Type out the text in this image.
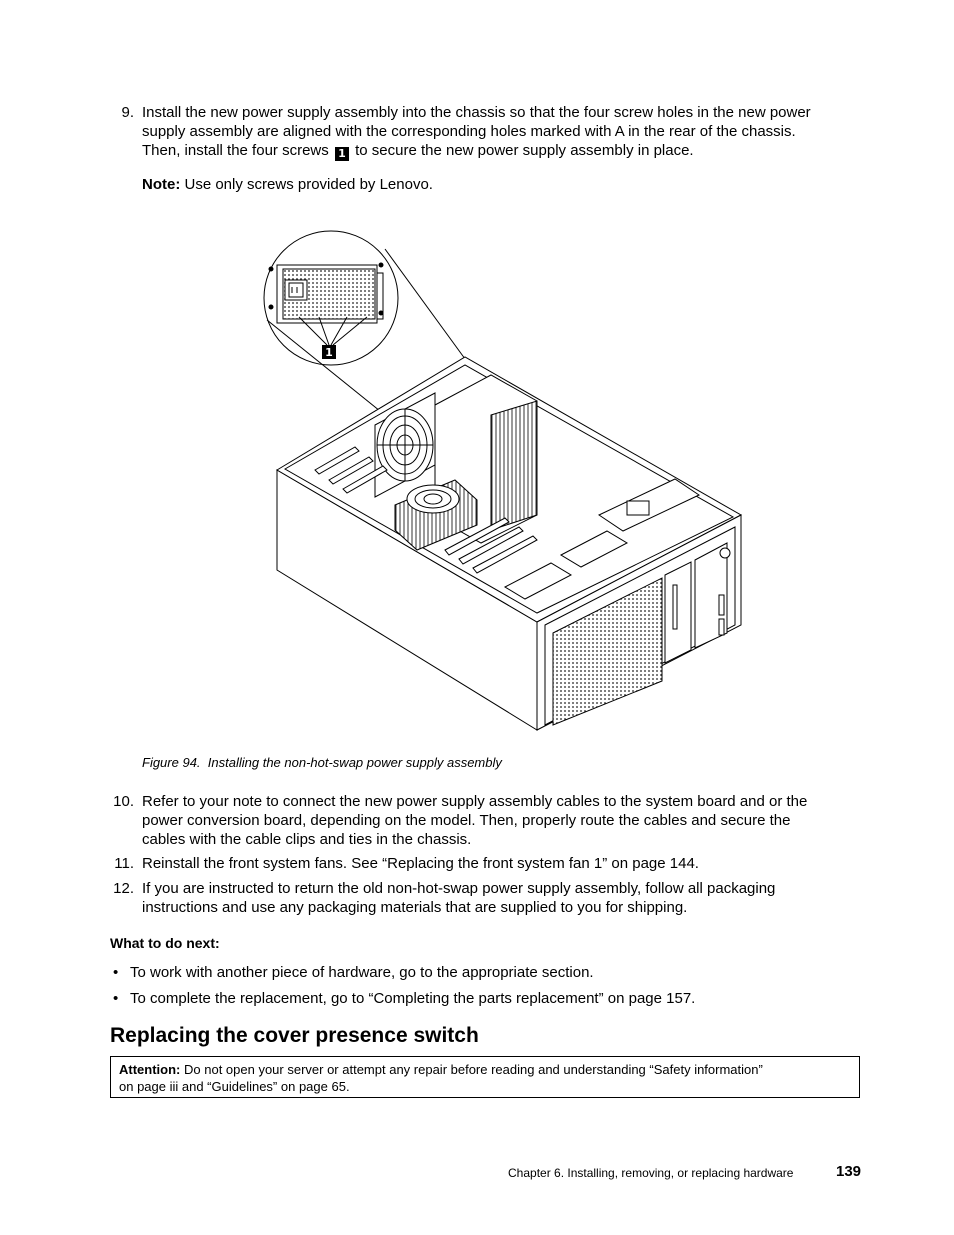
9. Install the new power supply assembly into the chassis so that the four screw holes in the new power
supply assembly are aligned with the corresponding holes marked with A in the rear of the chassis.
Then, install the four screws 1 to secure the new power supply assembly in place.
Note: Use only screws provided by Lenovo.
1
Figure 94. Installing the non-hot-swap power supply assembly
10. Refer to your note to connect the new power supply assembly cables to the system board and or the
power conversion board, depending on the model. Then, properly route the cables and secure the
cables with the cable clips and ties in the chassis.
11. Reinstall the front system fans. See “Replacing the front system fan 1” on page 144.
12. If you are instructed to return the old non-hot-swap power supply assembly, follow all packaging
instructions and use any packaging materials that are supplied to you for shipping.
What to do next:
• To work with another piece of hardware, go to the appropriate section.
• To complete the replacement, go to “Completing the parts replacement” on page 157.
Replacing the cover presence switch
Attention: Do not open your server or attempt any repair before reading and understanding “Safety information”
on page iii and “Guidelines” on page 65.
Chapter 6. Installing, removing, or replacing hardware	139
